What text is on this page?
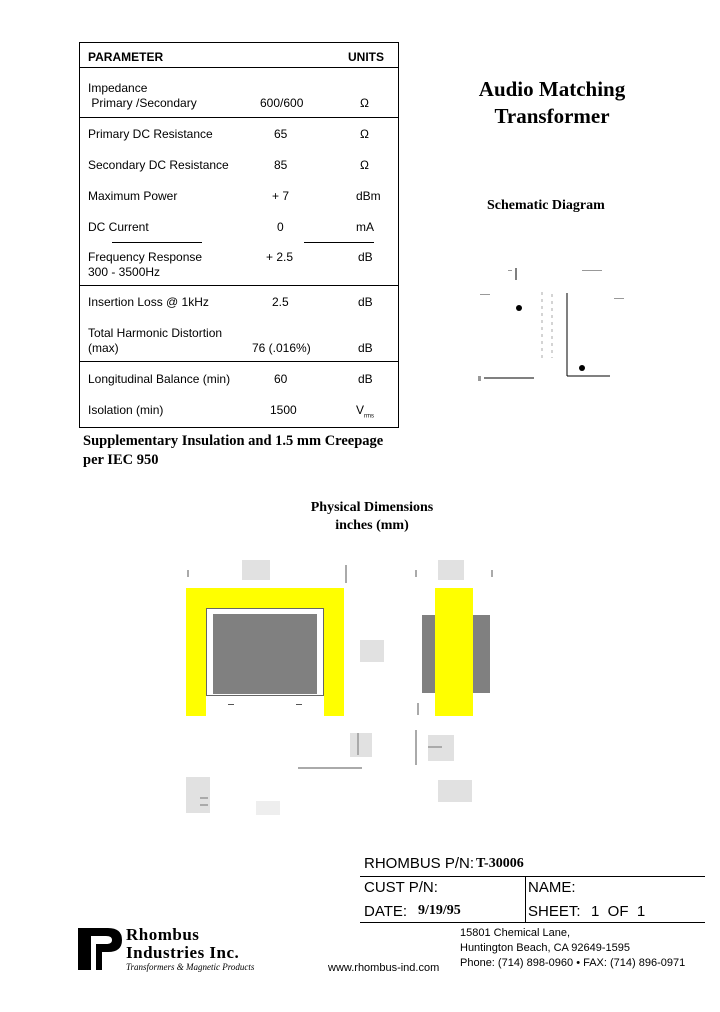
PARAMETER	UNITS
Impedance
Primary /Secondary	600/600	Ω
Primary DC Resistance	65	Ω
Secondary DC Resistance	85	Ω
Maximum Power	+ 7	dBm
DC Current	0	mA
Frequency Response
300 - 3500Hz
+ 2.5	dB
Insertion Loss @ 1kHz	2.5	dB
Total Harmonic Distortion
(max)	76 (.016%)	dB
Longitudinal Balance (min)	60	dB
Isolation (min)	1500	$V_{rms}$
Audio Matching
Transformer
Schematic Diagram
Supplementary Insulation and 1.5 mm Creepage
per IEC 950
Physical Dimensions
inches (mm)
RHOMBUS P/N: T-30006
CUST P/N:	NAME:
DATE: 9/19/95	SHEET: 1  OF  1
Rhombus
Industries Inc.
Transformers & Magnetic Products	www.rhombus-ind.com
15801 Chemical Lane,
Huntington Beach, CA 92649-1595
Phone: (714) 898-0960 • FAX: (714) 896-0971
